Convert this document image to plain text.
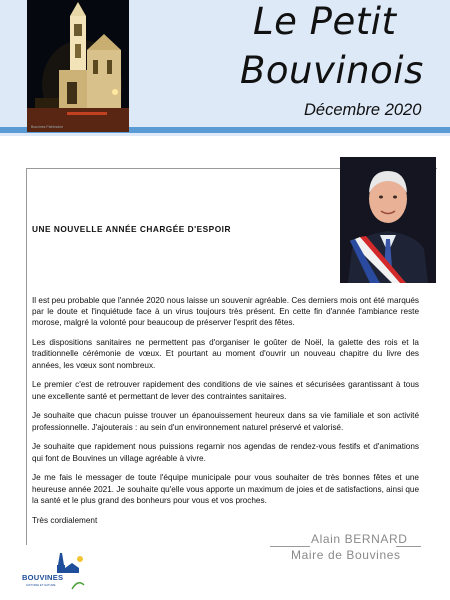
Bouvines Patrimoine
Le Petit
Bouvinois
Décembre 2020
UNE NOUVELLE ANNÉE CHARGÉE D'ESPOIR

Il est peu probable que l'année 2020 nous laisse un souvenir agréable. Ces derniers mois ont été marqués par le doute et l'inquiétude face à un virus toujours très présent. En cette fin d'année l'ambiance reste morose, malgré la volonté pour beaucoup de préserver l'esprit des fêtes.

Les dispositions sanitaires ne permettent pas d'organiser le goûter de Noël, la galette des rois et la traditionnelle cérémonie de vœux. Et pourtant au moment d'ouvrir un nouveau chapitre du livre des années, les vœux sont nombreux.

Le premier c'est de retrouver rapidement des conditions de vie saines et sécurisées garantissant à tous une excellente santé et permettant de lever des contraintes sanitaires.

Je souhaite que chacun puisse trouver un épanouissement heureux dans sa vie familiale et son activité professionnelle. J'ajouterais : au sein d'un environnement naturel préservé et valorisé.

Je souhaite que rapidement nous puissions regarnir nos agendas de rendez-vous festifs et d'animations qui font de Bouvines un village agréable à vivre.

Je me fais le messager de toute l'équipe municipale pour vous souhaiter de très bonnes fêtes et une heureuse année 2021. Je souhaite qu'elle vous apporte un maximum de joies et de satisfactions, ainsi que la santé et le plus grand des bonheurs pour vous et vos proches.

Très cordialement

Alain BERNARD
Maire de Bouvines
BOUVINES
HISTOIRE ET NATURE
